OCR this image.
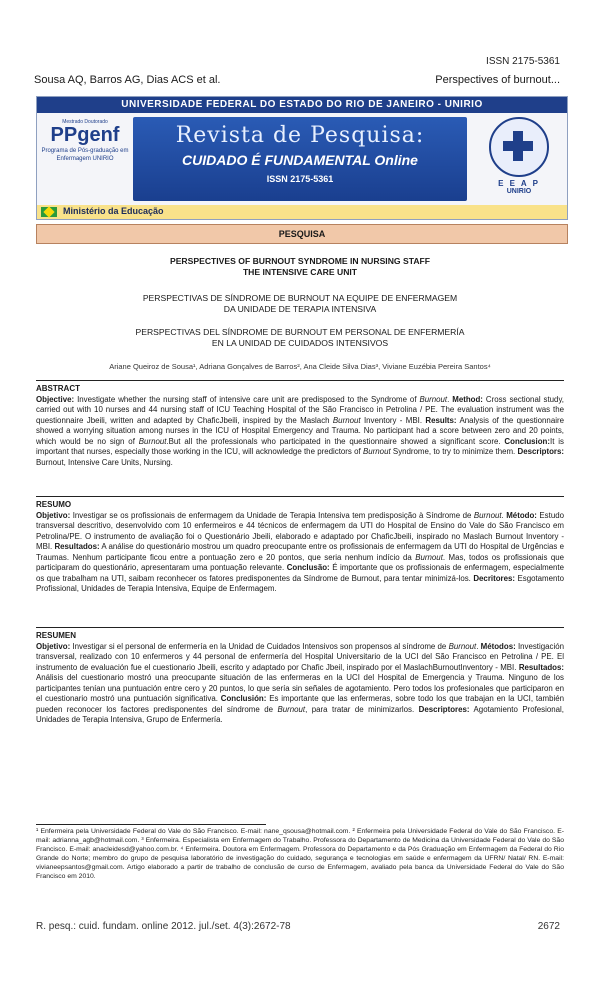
ISSN 2175-5361
Sousa AQ, Barros AG, Dias ACS et al.	Perspectives of burnout...
UNIVERSIDADE FEDERAL DO ESTADO DO RIO DE JANEIRO - UNIRIO
Mestrado Doutorado
PPgenf
Programa de Pós-graduação em Enfermagem UNIRIO
Revista de Pesquisa:
CUIDADO É FUNDAMENTAL Online
ISSN 2175-5361	E E A P
UNIRIO
Ministério da Educação
PESQUISA
PERSPECTIVES OF BURNOUT SYNDROME IN NURSING STAFF
THE INTENSIVE CARE UNIT
PERSPECTIVAS DE SÍNDROME DE BURNOUT NA EQUIPE DE ENFERMAGEM
DA UNIDADE DE TERAPIA INTENSIVA
PERSPECTIVAS DEL SÍNDROME DE BURNOUT EM PERSONAL DE ENFERMERÍA
EN LA UNIDAD DE CUIDADOS INTENSIVOS
Ariane Queiroz de Sousa¹, Adriana Gonçalves de Barros², Ana Cleide Silva Dias³, Viviane Euzébia Pereira Santos⁴
ABSTRACT
Objective: Investigate whether the nursing staff of intensive care unit are predisposed to the Syndrome of Burnout. Method: Cross sectional study, carried out with 10 nurses and 44 nursing staff of ICU Teaching Hospital of the São Francisco in Petrolina / PE. The evaluation instrument was the questionnaire Jbeili, written and adapted by ChaficJbeili, inspired by the Maslach Burnout Inventory - MBI. Results: Analysis of the questionnaire showed a worrying situation among nurses in the ICU of Hospital Emergency and Trauma. No participant had a score between zero and 20 points, which would be no sign of Burnout.But all the professionals who participated in the questionnaire showed a significant score. Conclusion:It is important that nurses, especially those working in the ICU, will acknowledge the predictors of Burnout Syndrome, to try to minimize them. Descriptors: Burnout, Intensive Care Units, Nursing.
RESUMO
Objetivo: Investigar se os profissionais de enfermagem da Unidade de Terapia Intensiva tem predisposição à Síndrome de Burnout. Método: Estudo transversal descritivo, desenvolvido com 10 enfermeiros e 44 técnicos de enfermagem da UTI do Hospital de Ensino do Vale do São Francisco em Petrolina/PE. O instrumento de avaliação foi o Questionário Jbeili, elaborado e adaptado por ChaficJbeili, inspirado no Maslach Burnout Inventory - MBI. Resultados: A análise do questionário mostrou um quadro preocupante entre os profissionais de enfermagem da UTI do Hospital de Urgências e Traumas. Nenhum participante ficou entre a pontuação zero e 20 pontos, que seria nenhum indício da Burnout. Mas, todos os profissionais que participaram do questionário, apresentaram uma pontuação relevante. Conclusão: É importante que os profissionais de enfermagem, especialmente os que trabalham na UTI, saibam reconhecer os fatores predisponentes da Síndrome de Burnout, para tentar minimizá-los. Decritores: Esgotamento Profissional, Unidades de Terapia Intensiva, Equipe de Enfermagem.
RESUMEN
Objetivo: Investigar si el personal de enfermería en la Unidad de Cuidados Intensivos son propensos al síndrome de Burnout. Métodos: Investigación transversal, realizado con 10 enfermeros y 44 personal de enfermería del Hospital Universitario de la UCI del São Francisco en Petrolina / PE. El instrumento de evaluación fue el cuestionario Jbeili, escrito y adaptado por Chafic Jbeil, inspirado por el MaslachBurnoutInventory - MBI. Resultados: Análisis del cuestionario mostró una preocupante situación de las enfermeras en la UCI del Hospital de Emergencia y Trauma. Ninguno de los participantes tenían una puntuación entre cero y 20 puntos, lo que sería sin señales de agotamiento. Pero todos los profesionales que participaron en el cuestionario mostró una puntuación significativa. Conclusión: Es importante que las enfermeras, sobre todo los que trabajan en la UCI, también pueden reconocer los factores predisponentes del síndrome de Burnout, para tratar de minimizarlos. Descriptores: Agotamiento Profesional, Unidades de Terapia Intensiva, Grupo de Enfermería.
¹ Enfermeira pela Universidade Federal do Vale do São Francisco. E-mail: nane_qsousa@hotmail.com. ² Enfermeira pela Universidade Federal do Vale do São Francisco. E-mail: adrianna_agb@hotmail.com. ³ Enfermeira. Especialista em Enfermagem do Trabalho. Professora do Departamento de Medicina da Universidade Federal do Vale do São Francisco. E-mail: anacleidesd@yahoo.com.br. ⁴ Enfermeira. Doutora em Enfermagem. Professora do Departamento e da Pós Graduação em Enfermagem da Federal do Rio Grande do Norte; membro do grupo de pesquisa laboratório de investigação do cuidado, segurança e tecnologias em saúde e enfermagem da UFRN/ Natal/ RN. E-mail: vivianeepsantos@gmail.com. Artigo elaborado a partir de trabalho de conclusão de curso de Enfermagem, avaliado pela banca da Universidade Federal do Vale do São Francisco em 2010.
R. pesq.: cuid. fundam. online 2012. jul./set. 4(3):2672-78	2672
